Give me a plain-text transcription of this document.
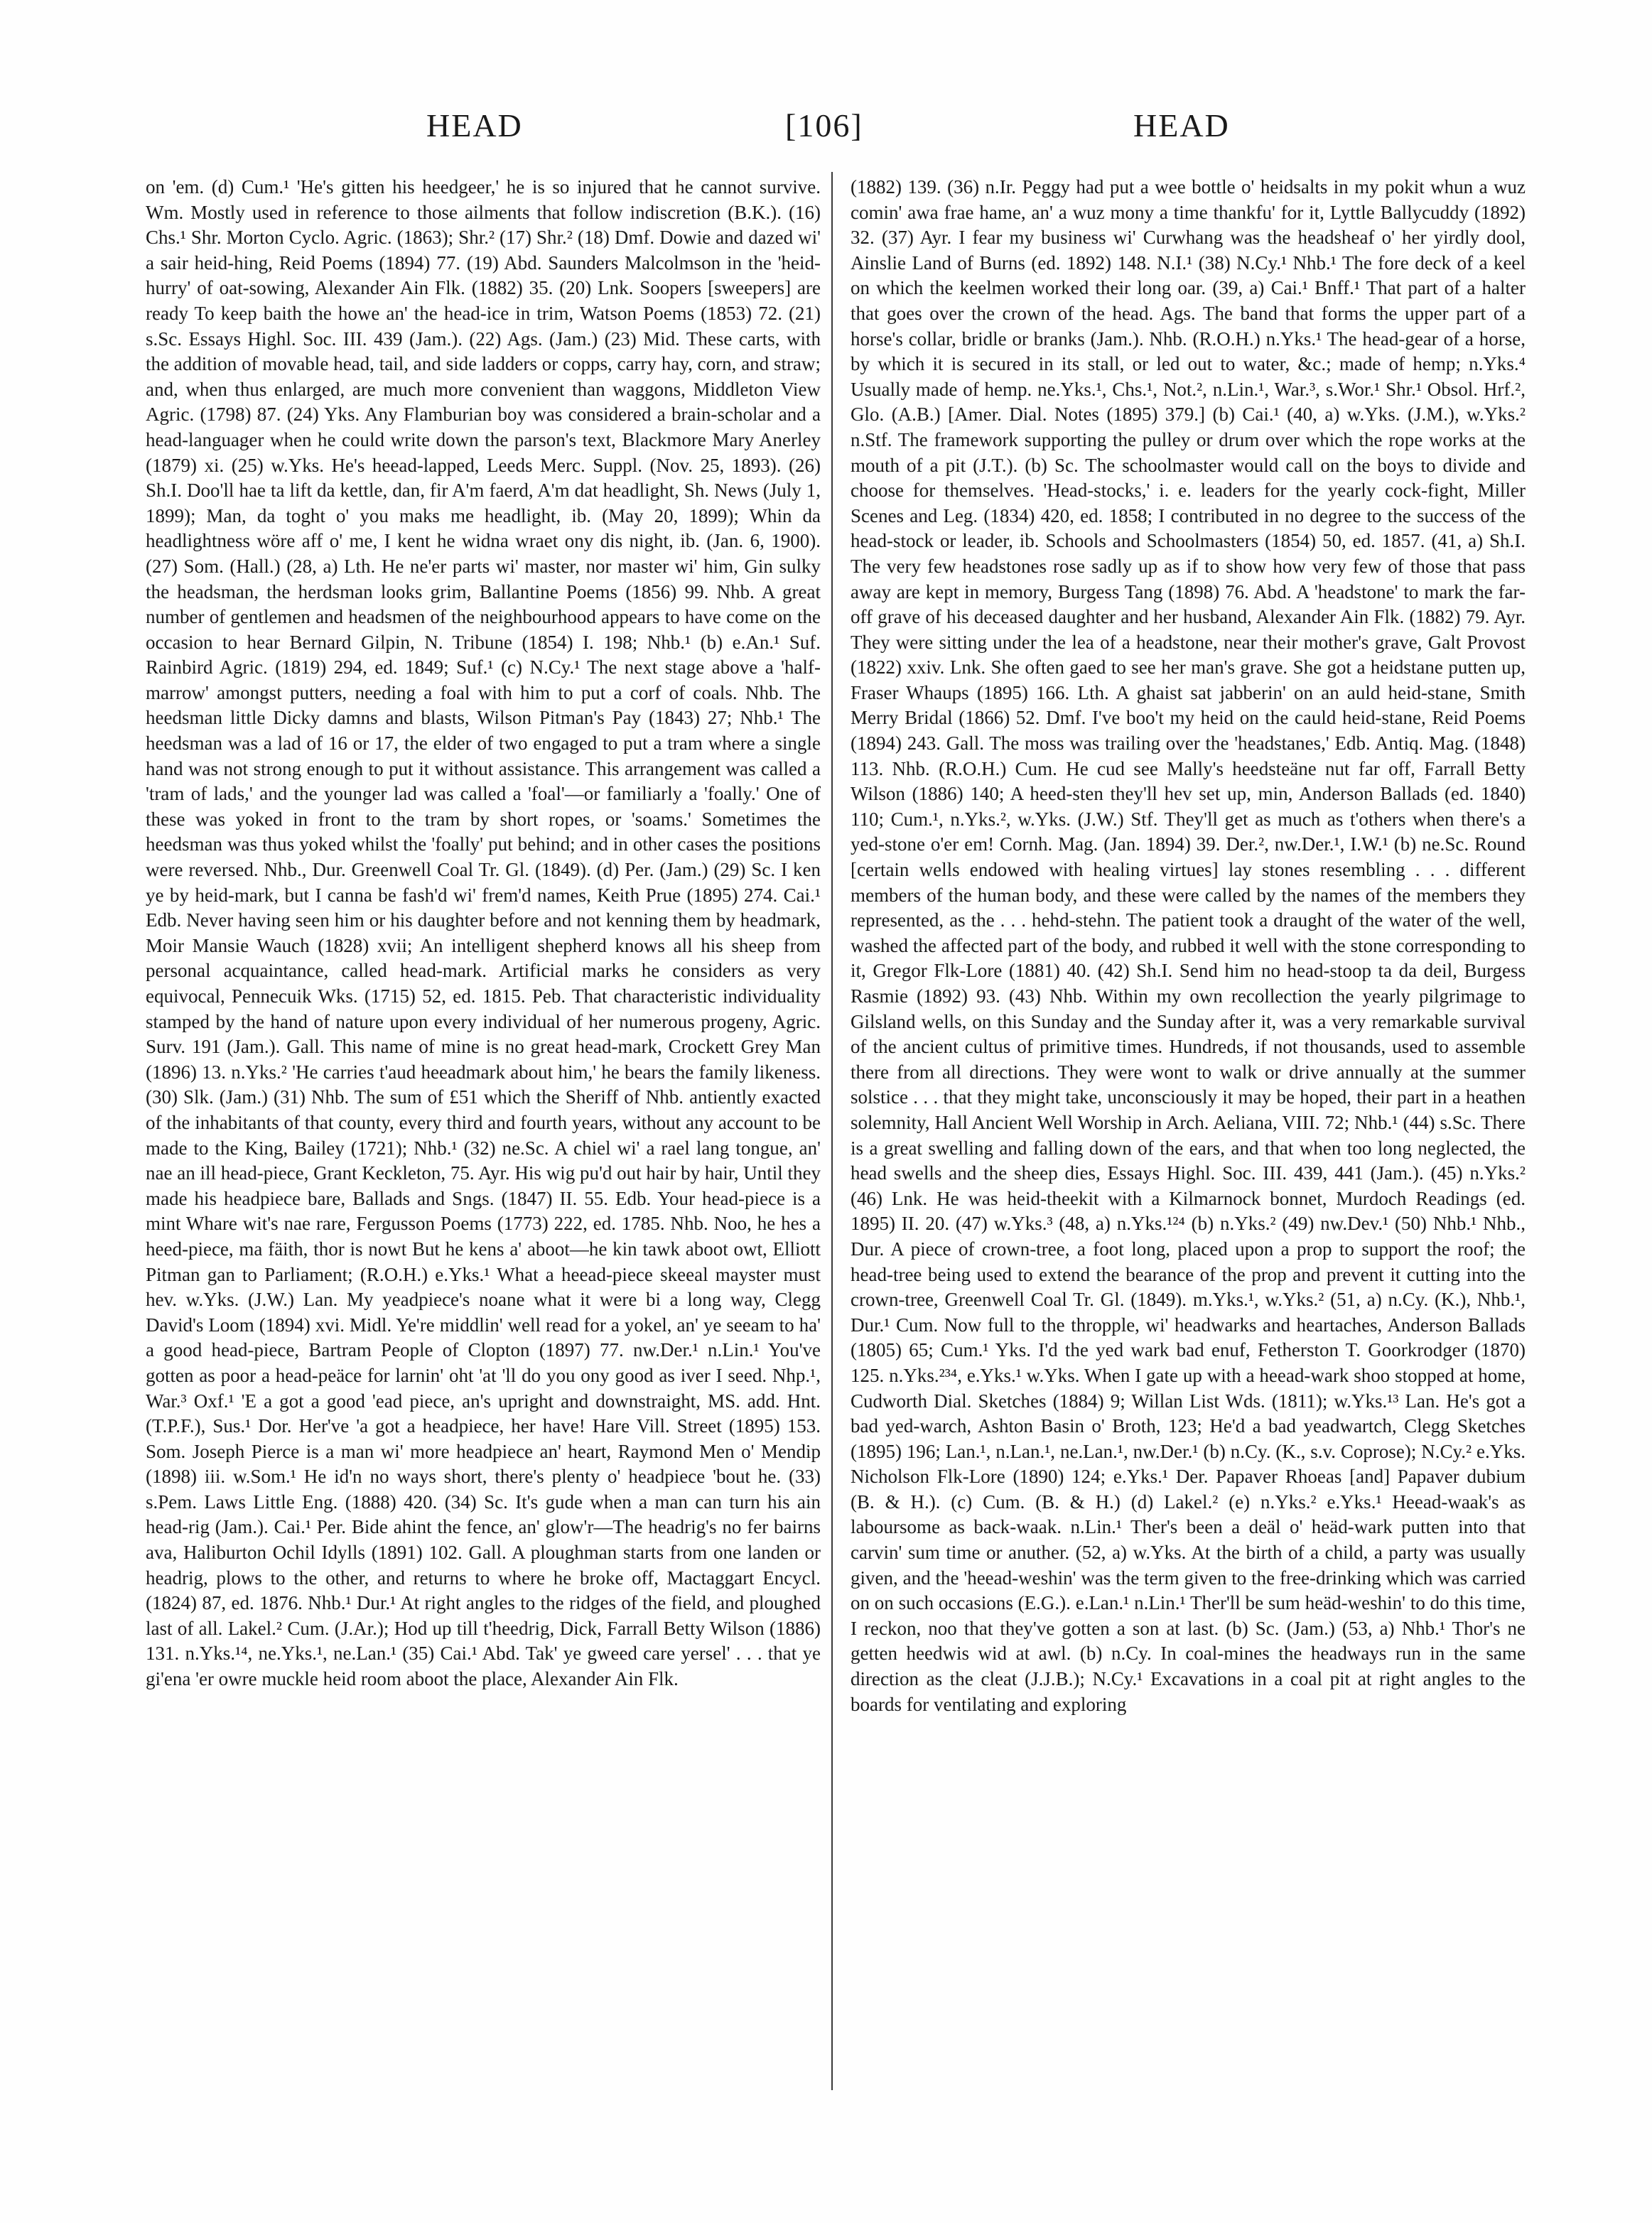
HEAD	[106]	HEAD

on 'em. (d) Cum.¹ 'He's gitten his heedgeer,' he is so injured that he cannot survive. Wm. Mostly used in reference to those ailments that follow indiscretion (B.K.). (16) Chs.¹ Shr. Morton Cyclo. Agric. (1863); Shr.² (17) Shr.² (18) Dmf. Dowie and dazed wi' a sair heid-hing, Reid Poems (1894) 77. (19) Abd. Saunders Malcolmson in the 'heid-hurry' of oat-sowing, Alexander Ain Flk. (1882) 35. (20) Lnk. Soopers [sweepers] are ready To keep baith the howe an' the head-ice in trim, Watson Poems (1853) 72. (21) s.Sc. Essays Highl. Soc. III. 439 (Jam.). (22) Ags. (Jam.) (23) Mid. These carts, with the addition of movable head, tail, and side ladders or copps, carry hay, corn, and straw; and, when thus enlarged, are much more convenient than waggons, Middleton View Agric. (1798) 87. (24) Yks. Any Flamburian boy was considered a brain-scholar and a head-languager when he could write down the parson's text, Blackmore Mary Anerley (1879) xi. (25) w.Yks. He's heead-lapped, Leeds Merc. Suppl. (Nov. 25, 1893). (26) Sh.I. Doo'll hae ta lift da kettle, dan, fir A'm faerd, A'm dat headlight, Sh. News (July 1, 1899); Man, da toght o' you maks me headlight, ib. (May 20, 1899); Whin da headlightness wöre aff o' me, I kent he widna wraet ony dis night, ib. (Jan. 6, 1900). (27) Som. (Hall.) (28, a) Lth. He ne'er parts wi' master, nor master wi' him, Gin sulky the headsman, the herdsman looks grim, Ballantine Poems (1856) 99. Nhb. A great number of gentlemen and headsmen of the neighbourhood appears to have come on the occasion to hear Bernard Gilpin, N. Tribune (1854) I. 198; Nhb.¹ (b) e.An.¹ Suf. Rainbird Agric. (1819) 294, ed. 1849; Suf.¹ (c) N.Cy.¹ The next stage above a 'half-marrow' amongst putters, needing a foal with him to put a corf of coals. Nhb. The heedsman little Dicky damns and blasts, Wilson Pitman's Pay (1843) 27; Nhb.¹ The heedsman was a lad of 16 or 17, the elder of two engaged to put a tram where a single hand was not strong enough to put it without assistance. This arrangement was called a 'tram of lads,' and the younger lad was called a 'foal'—or familiarly a 'foally.' One of these was yoked in front to the tram by short ropes, or 'soams.' Sometimes the heedsman was thus yoked whilst the 'foally' put behind; and in other cases the positions were reversed. Nhb., Dur. Greenwell Coal Tr. Gl. (1849). (d) Per. (Jam.) (29) Sc. I ken ye by heid-mark, but I canna be fash'd wi' frem'd names, Keith Prue (1895) 274. Cai.¹ Edb. Never having seen him or his daughter before and not kenning them by headmark, Moir Mansie Wauch (1828) xvii; An intelligent shepherd knows all his sheep from personal acquaintance, called head-mark. Artificial marks he considers as very equivocal, Pennecuik Wks. (1715) 52, ed. 1815. Peb. That characteristic individuality stamped by the hand of nature upon every individual of her numerous progeny, Agric. Surv. 191 (Jam.). Gall. This name of mine is no great head-mark, Crockett Grey Man (1896) 13. n.Yks.² 'He carries t'aud heeadmark about him,' he bears the family likeness. (30) Slk. (Jam.) (31) Nhb. The sum of £51 which the Sheriff of Nhb. antiently exacted of the inhabitants of that county, every third and fourth years, without any account to be made to the King, Bailey (1721); Nhb.¹ (32) ne.Sc. A chiel wi' a rael lang tongue, an' nae an ill head-piece, Grant Keckleton, 75. Ayr. His wig pu'd out hair by hair, Until they made his headpiece bare, Ballads and Sngs. (1847) II. 55. Edb. Your head-piece is a mint Whare wit's nae rare, Fergusson Poems (1773) 222, ed. 1785. Nhb. Noo, he hes a heed-piece, ma fäith, thor is nowt But he kens a' aboot—he kin tawk aboot owt, Elliott Pitman gan to Parliament; (R.O.H.) e.Yks.¹ What a heead-piece skeeal mayster must hev. w.Yks. (J.W.) Lan. My yeadpiece's noane what it were bi a long way, Clegg David's Loom (1894) xvi. Midl. Ye're middlin' well read for a yokel, an' ye seeam to ha' a good head-piece, Bartram People of Clopton (1897) 77. nw.Der.¹ n.Lin.¹ You've gotten as poor a head-peäce for larnin' oht 'at 'll do you ony good as iver I seed. Nhp.¹, War.³ Oxf.¹ 'E a got a good 'ead piece, an's upright and downstraight, MS. add. Hnt. (T.P.F.), Sus.¹ Dor. Her've 'a got a headpiece, her have! Hare Vill. Street (1895) 153. Som. Joseph Pierce is a man wi' more headpiece an' heart, Raymond Men o' Mendip (1898) iii. w.Som.¹ He id'n no ways short, there's plenty o' headpiece 'bout he. (33) s.Pem. Laws Little Eng. (1888) 420. (34) Sc. It's gude when a man can turn his ain head-rig (Jam.). Cai.¹ Per. Bide ahint the fence, an' glow'r—The headrig's no fer bairns ava, Haliburton Ochil Idylls (1891) 102. Gall. A ploughman starts from one landen or headrig, plows to the other, and returns to where he broke off, Mactaggart Encycl. (1824) 87, ed. 1876. Nhb.¹ Dur.¹ At right angles to the ridges of the field, and ploughed last of all. Lakel.² Cum. (J.Ar.); Hod up till t'heedrig, Dick, Farrall Betty Wilson (1886) 131. n.Yks.¹⁴, ne.Yks.¹, ne.Lan.¹ (35) Cai.¹ Abd. Tak' ye gweed care yersel' . . . that ye gi'ena 'er owre muckle heid room aboot the place, Alexander Ain Flk.

(1882) 139. (36) n.Ir. Peggy had put a wee bottle o' heidsalts in my pokit whun a wuz comin' awa frae hame, an' a wuz mony a time thankfu' for it, Lyttle Ballycuddy (1892) 32. (37) Ayr. I fear my business wi' Curwhang was the headsheaf o' her yirdly dool, Ainslie Land of Burns (ed. 1892) 148. N.I.¹ (38) N.Cy.¹ Nhb.¹ The fore deck of a keel on which the keelmen worked their long oar. (39, a) Cai.¹ Bnff.¹ That part of a halter that goes over the crown of the head. Ags. The band that forms the upper part of a horse's collar, bridle or branks (Jam.). Nhb. (R.O.H.) n.Yks.¹ The head-gear of a horse, by which it is secured in its stall, or led out to water, &c.; made of hemp; n.Yks.⁴ Usually made of hemp. ne.Yks.¹, Chs.¹, Not.², n.Lin.¹, War.³, s.Wor.¹ Shr.¹ Obsol. Hrf.², Glo. (A.B.) [Amer. Dial. Notes (1895) 379.] (b) Cai.¹ (40, a) w.Yks. (J.M.), w.Yks.² n.Stf. The framework supporting the pulley or drum over which the rope works at the mouth of a pit (J.T.). (b) Sc. The schoolmaster would call on the boys to divide and choose for themselves. 'Head-stocks,' i. e. leaders for the yearly cock-fight, Miller Scenes and Leg. (1834) 420, ed. 1858; I contributed in no degree to the success of the head-stock or leader, ib. Schools and Schoolmasters (1854) 50, ed. 1857. (41, a) Sh.I. The very few headstones rose sadly up as if to show how very few of those that pass away are kept in memory, Burgess Tang (1898) 76. Abd. A 'headstone' to mark the far-off grave of his deceased daughter and her husband, Alexander Ain Flk. (1882) 79. Ayr. They were sitting under the lea of a headstone, near their mother's grave, Galt Provost (1822) xxiv. Lnk. She often gaed to see her man's grave. She got a heidstane putten up, Fraser Whaups (1895) 166. Lth. A ghaist sat jabberin' on an auld heid-stane, Smith Merry Bridal (1866) 52. Dmf. I've boo't my heid on the cauld heid-stane, Reid Poems (1894) 243. Gall. The moss was trailing over the 'headstanes,' Edb. Antiq. Mag. (1848) 113. Nhb. (R.O.H.) Cum. He cud see Mally's heedsteäne nut far off, Farrall Betty Wilson (1886) 140; A heed-sten they'll hev set up, min, Anderson Ballads (ed. 1840) 110; Cum.¹, n.Yks.², w.Yks. (J.W.) Stf. They'll get as much as t'others when there's a yed-stone o'er em! Cornh. Mag. (Jan. 1894) 39. Der.², nw.Der.¹, I.W.¹ (b) ne.Sc. Round [certain wells endowed with healing virtues] lay stones resembling . . . different members of the human body, and these were called by the names of the members they represented, as the . . . hehd-stehn. The patient took a draught of the water of the well, washed the affected part of the body, and rubbed it well with the stone corresponding to it, Gregor Flk-Lore (1881) 40. (42) Sh.I. Send him no head-stoop ta da deil, Burgess Rasmie (1892) 93. (43) Nhb. Within my own recollection the yearly pilgrimage to Gilsland wells, on this Sunday and the Sunday after it, was a very remarkable survival of the ancient cultus of primitive times. Hundreds, if not thousands, used to assemble there from all directions. They were wont to walk or drive annually at the summer solstice . . . that they might take, unconsciously it may be hoped, their part in a heathen solemnity, Hall Ancient Well Worship in Arch. Aeliana, VIII. 72; Nhb.¹ (44) s.Sc. There is a great swelling and falling down of the ears, and that when too long neglected, the head swells and the sheep dies, Essays Highl. Soc. III. 439, 441 (Jam.). (45) n.Yks.² (46) Lnk. He was heid-theekit with a Kilmarnock bonnet, Murdoch Readings (ed. 1895) II. 20. (47) w.Yks.³ (48, a) n.Yks.¹²⁴ (b) n.Yks.² (49) nw.Dev.¹ (50) Nhb.¹ Nhb., Dur. A piece of crown-tree, a foot long, placed upon a prop to support the roof; the head-tree being used to extend the bearance of the prop and prevent it cutting into the crown-tree, Greenwell Coal Tr. Gl. (1849). m.Yks.¹, w.Yks.² (51, a) n.Cy. (K.), Nhb.¹, Dur.¹ Cum. Now full to the thropple, wi' headwarks and heartaches, Anderson Ballads (1805) 65; Cum.¹ Yks. I'd the yed wark bad enuf, Fetherston T. Goorkrodger (1870) 125. n.Yks.²³⁴, e.Yks.¹ w.Yks. When I gate up with a heead-wark shoo stopped at home, Cudworth Dial. Sketches (1884) 9; Willan List Wds. (1811); w.Yks.¹³ Lan. He's got a bad yed-warch, Ashton Basin o' Broth, 123; He'd a bad yeadwartch, Clegg Sketches (1895) 196; Lan.¹, n.Lan.¹, ne.Lan.¹, nw.Der.¹ (b) n.Cy. (K., s.v. Coprose); N.Cy.² e.Yks. Nicholson Flk-Lore (1890) 124; e.Yks.¹ Der. Papaver Rhoeas [and] Papaver dubium (B. & H.). (c) Cum. (B. & H.) (d) Lakel.² (e) n.Yks.² e.Yks.¹ Heead-waak's as laboursome as back-waak. n.Lin.¹ Ther's been a deäl o' heäd-wark putten into that carvin' sum time or anuther. (52, a) w.Yks. At the birth of a child, a party was usually given, and the 'heead-weshin' was the term given to the free-drinking which was carried on on such occasions (E.G.). e.Lan.¹ n.Lin.¹ Ther'll be sum heäd-weshin' to do this time, I reckon, noo that they've gotten a son at last. (b) Sc. (Jam.) (53, a) Nhb.¹ Thor's ne getten heedwis wid at awl. (b) n.Cy. In coal-mines the headways run in the same direction as the cleat (J.J.B.); N.Cy.¹ Excavations in a coal pit at right angles to the boards for ventilating and exploring
